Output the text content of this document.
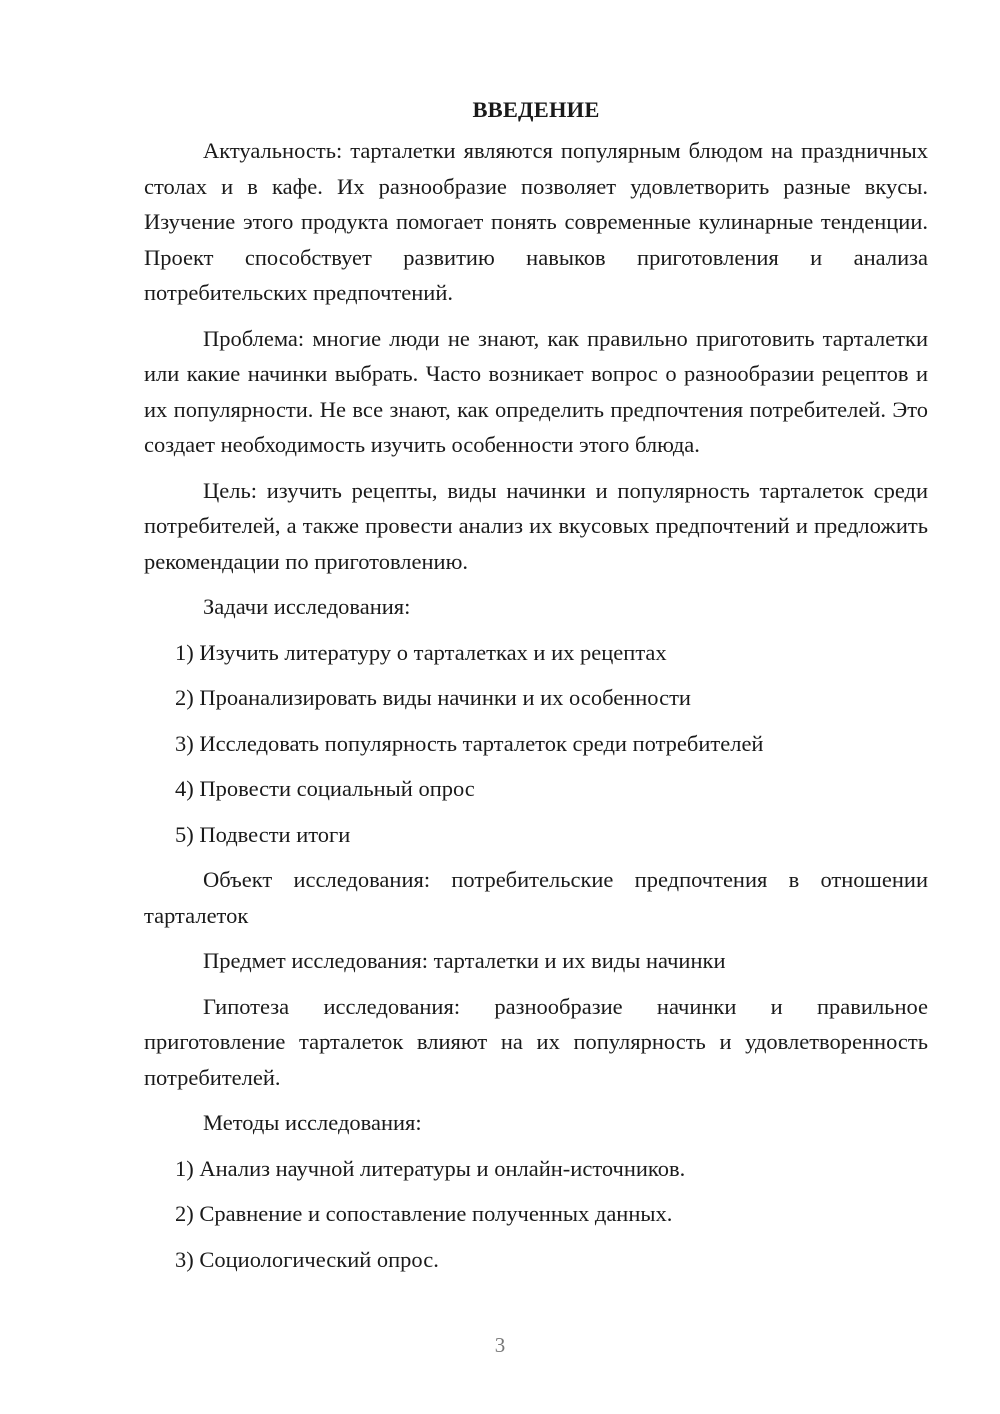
ВВЕДЕНИЕ

Актуальность: тарталетки являются популярным блюдом на праздничных столах и в кафе. Их разнообразие позволяет удовлетворить разные вкусы. Изучение этого продукта помогает понять современные кулинарные тенденции. Проект способствует развитию навыков приготовления и анализа потребительских предпочтений.

Проблема: многие люди не знают, как правильно приготовить тарталетки или какие начинки выбрать. Часто возникает вопрос о разнообразии рецептов и их популярности. Не все знают, как определить предпочтения потребителей. Это создает необходимость изучить особенности этого блюда.

Цель: изучить рецепты, виды начинки и популярность тарталеток среди потребителей, а также провести анализ их вкусовых предпочтений и предложить рекомендации по приготовлению.

Задачи исследования:

1) Изучить литературу о тарталетках и их рецептах
2) Проанализировать виды начинки и их особенности
3) Исследовать популярность тарталеток среди потребителей
4) Провести социальный опрос
5) Подвести итоги

Объект исследования: потребительские предпочтения в отношении тарталеток

Предмет исследования: тарталетки и их виды начинки

Гипотеза исследования: разнообразие начинки и правильное приготовление тарталеток влияют на их популярность и удовлетворенность потребителей.

Методы исследования:

1) Анализ научной литературы и онлайн-источников.
2) Сравнение и сопоставление полученных данных.
3) Социологический опрос.
3
